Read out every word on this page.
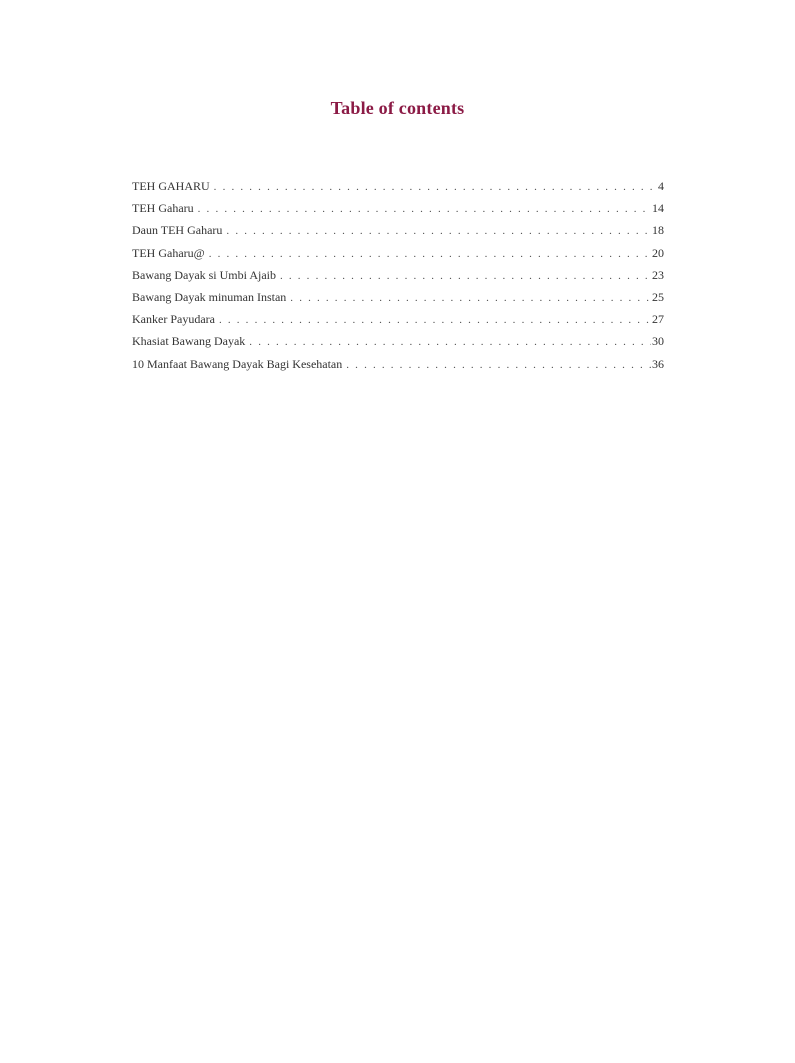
Table of contents
TEH GAHARU . . .	4
TEH Gaharu . . .	14
Daun TEH Gaharu . . .	18
TEH Gaharu@ . . .	20
Bawang Dayak si Umbi Ajaib . . .	23
Bawang Dayak minuman Instan . . .	25
Kanker Payudara . . .	27
Khasiat Bawang Dayak . . .	30
10 Manfaat Bawang Dayak Bagi Kesehatan . . .	36
